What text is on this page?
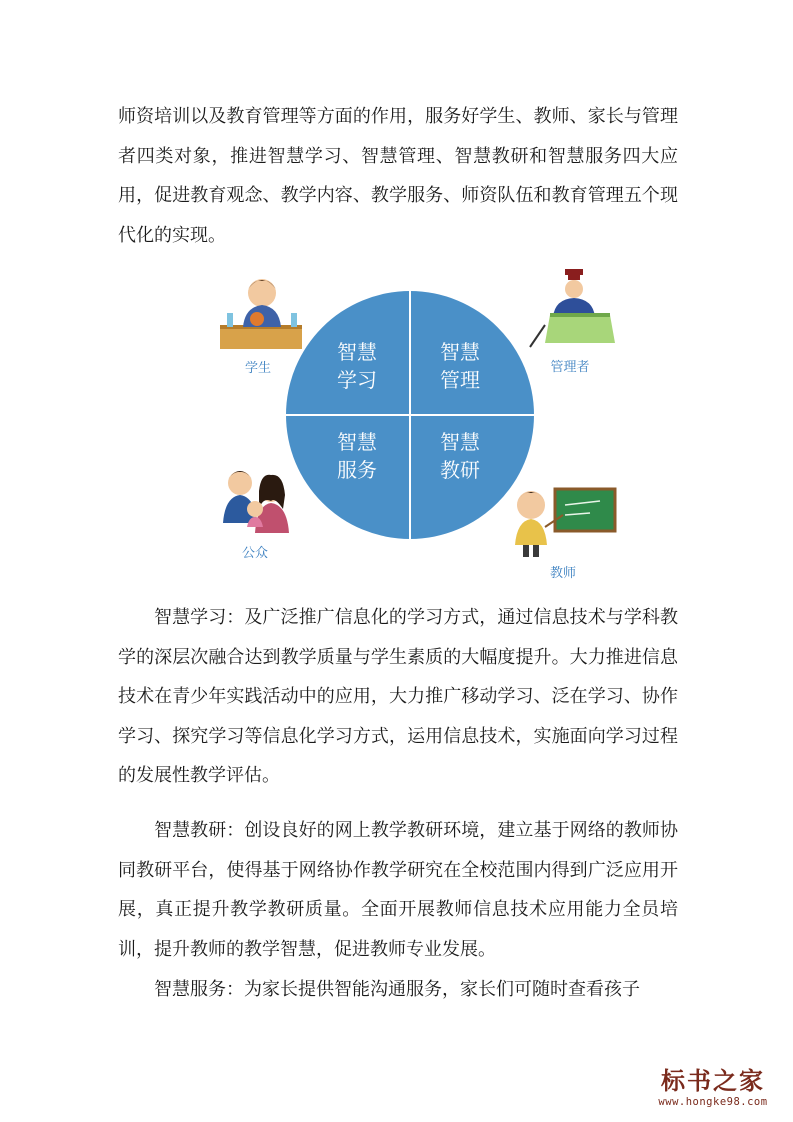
师资培训以及教育管理等方面的作用，服务好学生、教师、家长与管理者四类对象，推进智慧学习、智慧管理、智慧教研和智慧服务四大应用，促进教育观念、教学内容、教学服务、师资队伍和教育管理五个现代化的实现。

智慧
学习
智慧
管理
智慧
服务
智慧
教研
学生	管理者
公众
教师

智慧学习：及广泛推广信息化的学习方式，通过信息技术与学科教学的深层次融合达到教学质量与学生素质的大幅度提升。大力推进信息技术在青少年实践活动中的应用，大力推广移动学习、泛在学习、协作学习、探究学习等信息化学习方式，运用信息技术，实施面向学习过程的发展性教学评估。

智慧教研：创设良好的网上教学教研环境，建立基于网络的教师协同教研平台，使得基于网络协作教学研究在全校范围内得到广泛应用开展，真正提升教学教研质量。全面开展教师信息技术应用能力全员培训，提升教师的教学智慧，促进教师专业发展。

智慧服务：为家长提供智能沟通服务，家长们可随时查看孩子

标书之家
www.hongke98.com
